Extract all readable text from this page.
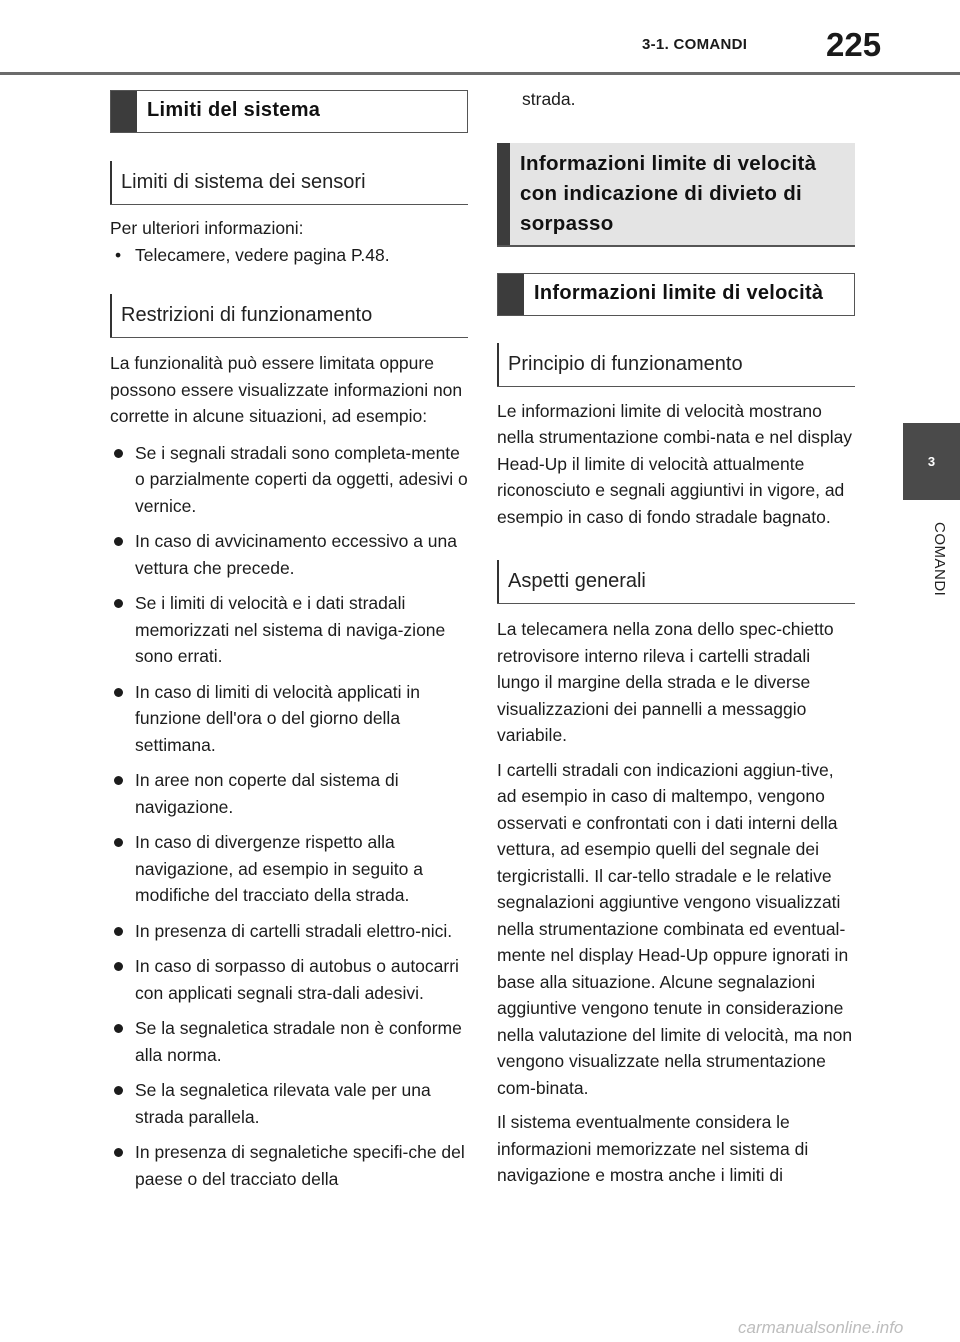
3-1. COMANDI 225
3
COMANDI
Limiti del sistema
Limiti di sistema dei sensori

Per ulteriori informazioni:

• Telecamere, vedere pagina P.48.
Restrizioni di funzionamento

La funzionalità può essere limitata oppure possono essere visualizzate informazioni non corrette in alcune situazioni, ad esempio:

Se i segnali stradali sono completa-mente o parzialmente coperti da oggetti, adesivi o vernice.
In caso di avvicinamento eccessivo a una vettura che precede.
Se i limiti di velocità e i dati stradali memorizzati nel sistema di naviga-zione sono errati.
In caso di limiti di velocità applicati in funzione dell'ora o del giorno della settimana.
In aree non coperte dal sistema di navigazione.
In caso di divergenze rispetto alla navigazione, ad esempio in seguito a modifiche del tracciato della strada.
In presenza di cartelli stradali elettro-nici.
In caso di sorpasso di autobus o autocarri con applicati segnali stra-dali adesivi.
Se la segnaletica stradale non è conforme alla norma.
Se la segnaletica rilevata vale per una strada parallela.
In presenza di segnaletiche specifi-che del paese o del tracciato della

strada.

Informazioni limite di velocità con indicazione di divieto di sorpasso
Informazioni limite di velocità
Principio di funzionamento

Le informazioni limite di velocità mostrano nella strumentazione combi-nata e nel display Head-Up il limite di velocità attualmente riconosciuto e segnali aggiuntivi in vigore, ad esempio in caso di fondo stradale bagnato.

Aspetti generali

La telecamera nella zona dello spec-chietto retrovisore interno rileva i cartelli stradali lungo il margine della strada e le diverse visualizzazioni dei pannelli a messaggio variabile.

I cartelli stradali con indicazioni aggiun-tive, ad esempio in caso di maltempo, vengono osservati e confrontati con i dati interni della vettura, ad esempio quelli del segnale dei tergicristalli. Il car-tello stradale e le relative segnalazioni aggiuntive vengono visualizzati nella strumentazione combinata ed eventual-mente nel display Head-Up oppure ignorati in base alla situazione. Alcune segnalazioni aggiuntive vengono tenute in considerazione nella valutazione del limite di velocità, ma non vengono visualizzate nella strumentazione com-binata.

Il sistema eventualmente considera le informazioni memorizzate nel sistema di navigazione e mostra anche i limiti di

carmanualsonline.info
